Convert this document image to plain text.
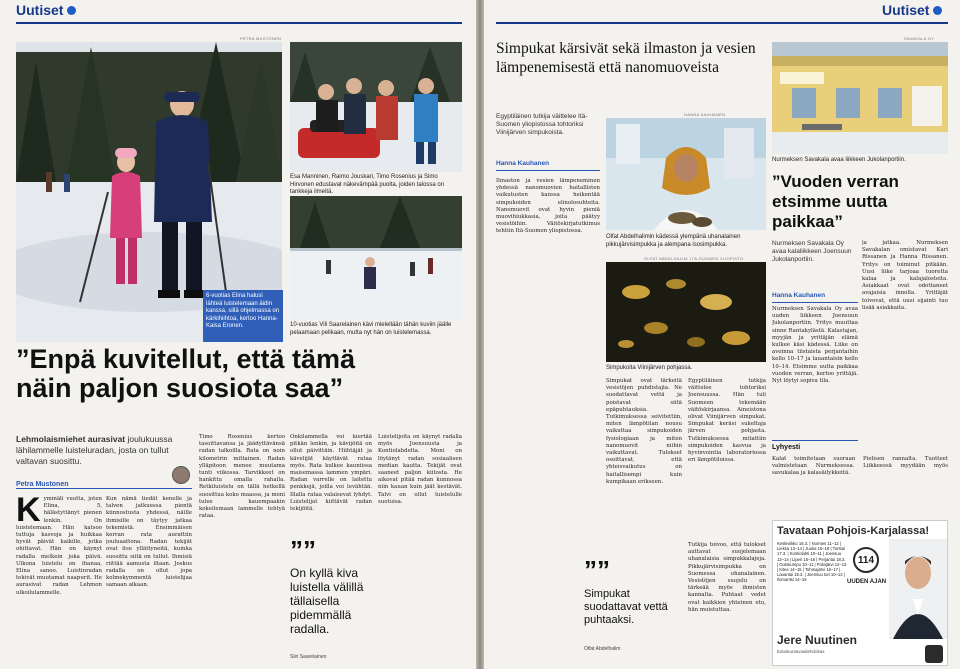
Uutiset
PETRA MUSTONEN
6-vuotias Elina halusi lähteä luistelemaan äidin kanssa, sillä ohjelmassa on kärkihiihtoa, kertoo Hanna-Kaisa Eronen.
Esa Manninen, Raimo Jouskari, Timo Rosenius ja Simo Hirvonen edustavat näkevämpää puolta, joiden talossa on tankkeja ilmeitä.
10-vuotias Vili Saarelainen kävi mielellään tähän kuviin jäälle pelaamaan pelikaan, mutta nyt hän on luistelemassa.
”Enpä kuvitellut, että tämä näin paljon suosiota saa”
Lehmolaismiehet aurasivat joulukuussa lähilammelle luisteluradan, josta on tullut valtavan suosittu.
Petra Mustonen
K ymmäli vuotta, joten Elina, 5, hälästyttänyt pienen lenkin. On luistelemaan. Hän katsoo tuttuja kasvoja ja huikkaa hyvät päivät kaikille, jotka ohittavat. Hän on käynyt radalla melkein joka päivä. Ulkona luistelu on ihanaa, Elina sanoo. Luistinradan tekivät muutamat naapurit. He aurasivat radan Lehmon ulkoilulammelle.
Kun nämä tiedät kenelle ja talven jatkuessa pientä kiinnostusta yhdessä, näille ihmisille on täytyy jatkaa tekemistä. Ensimmäisen kerran rata aurattiin jouluaattona. Radan tekijät ovat itse yllättyneitä, kuinka suosittu siitä on tullut. Ihmisiä riittää aamusta iltaan. Joskus radalla on ollut jopa kolmekymmentä luistelijaa samaan aikaan.
Timo Rosenius kertoo tasoittavansa ja jäädyttävänsä radan talkoilla. Rata on noin kilometrin mittainen. Radan ylläpitoon menee muutama tunti viikossa. Tarvikkeet on hankittu omalla rahalla. Retkiluistelu on tällä hetkellä suosittua koko maassa, ja moni tulee kauempaakin kokeilemaan lammelle tehtyä rataa.
Onkilammella voi kiertää pitkän lenkin, ja kävijöitä on ollut päivittäin. Hiihtäjät ja kävelijät käyttävät rataa myös. Rata kulkee kauniissa maisemassa lammen ympäri. Radan varrelle on laitettu penkkejä, joilla voi levähtää. Illalla rataa valaisevat lyhdyt. Luistelijat kiittävät radan tekijöitä.
Luistelijoita on käynyt radalla myös Joensuusta ja Kontiolahdelta. Moni on löytänyt radan sosiaalisen median kautta. Tekijät ovat saaneet paljon kiitosta. He aikovat pitää radan kunnossa niin kauan kuin jäät kestävät. Talvi on ollut luistelulle suotuisa.
””
On kyllä kiva luistella välillä tällaisella pidemmällä radalla.
Siiri Saarelainen
Uutiset
Simpukat kärsivät sekä ilmaston ja vesien lämpenemisestä että nanomuoveista
Egyptiläinen tutkija väittelee Itä-Suomen yliopistossa tohtoriksi Viinijärven simpukoista.
Hanna Kauhanen
HANNA KAUHANEN
Olfat Abdelhalimin kädessä ylempänä uhanalainen pikkujärvisimpukka ja alempana isosimpukka.
OLFAT ABDELHALIM, ITÄ-SUOMEN YLIOPISTO
Simpukoita Viinijärven pohjassa.
Ilmaston ja vesien lämpeneminen yhdessä nanomuovien haitallisten vaikutusten kanssa heikentää simpukoiden elinolosuhteita. Nanomuovit ovat hyvin pieniä muovihiukkasia, joita päätyy vesistöihin. Väitöskirjatutkimus tehtiin Itä-Suomen yliopistossa.
Simpukat ovat tärkeitä vesistöjen puhdistajia. Ne suodattavat vettä ja poistavat siitä epäpuhtauksia. Tutkimuksessa selvitettiin, miten lämpötilan nousu vaikuttaa simpukoiden fysiologiaan ja miten nanomuovit niihin vaikuttavat. Tulokset osoittavat, että yhteisvaikutus on haitallisempi kuin kumpikaan erikseen.
Egyptiläinen tutkija väittelee tohtoriksi Joensuussa. Hän tuli Suomeen tekemään väitöskirjaansa. Aineistona olivat Viinijärven simpukat. Simpukat keräsi sukeltaja järven pohjasta. Tutkimuksessa mitattiin simpukoiden kasvua ja hyvinvointia laboratoriossa eri lämpötiloissa.
””
Simpukat suodattavat vettä puhtaaksi.
Olfat Abdelhalim
Tutkija toivoo, että tulokset auttavat suojelemaan uhanalaisia simpukkalajeja. Pikkujärvisimpukka on Suomessa uhanalainen. Vesistöjen suojelu on tärkeää myös ihmisten kannalta. Puhtaat vedet ovat kaikkien yhteinen etu, hän muistuttaa.
SAVAKALA OY
Nurmeksen Savakala avaa liikkeen Jukolanportiin.
”Vuoden verran etsimme uutta paikkaa”
Nurmeksen Savakala Oy avaa kalaliikkeen Joensuun Jukolanportiin.
Hanna Kauhanen
Nurmeksen Savakala Oy avaa uuden liikkeen Joensuun Jukolanportiin. Yritys muuttaa sinne Rantakylästä. Kalastajan, myyjän ja yrittäjän elämä kulkee käsi kädessä. Liike on avoinna tiistaista perjantaihin kello 10–17 ja lauantaisin kello 10–14. Etsimme uutta paikkaa vuoden verran, kertoo yrittäjä. Nyt löytyi sopiva tila.
ja jatkaa. Nurmeksen Savakalan omistavat Kari Rissanen ja Hanna Rissanen. Yritys on toiminut pitkään. Uusi liike tarjoaa tuoretta kalaa ja kalajalosteita. Asiakkaat ovat odottaneet avajaisia innolla. Yrittäjät toivovat, että uusi sijainti tuo lisää asiakkaita.
Lyhyesti
Kalat toimitetaan suoraan Pielisen rannalta. Tuotteet valmistetaan Nurmeksessa. Liikkeessä myydään myös savukalaa ja kalasäilykkeitä.
Tavataan Pohjois-Karjalassa!
Keskiviikko 16.3. | Nurmes 11–12 | Lieksa 13–14 | Juuka 15–16 | Torstai 17.3. | Kontiolahti 10–11 | Joensuu 12–14 | Liperi 15–16 | Perjantai 18.3. | Outokumpu 10–11 | Polvijärvi 12–13 | Kitee 14–15 | Tohmajärvi 16–17 | Lauantai 19.3. | Joensuu tori 10–13 | Ilomantsi 14–15
114
UUDEN AJAN
Jere Nuutinen
Eduskuntavaaliehdokas
